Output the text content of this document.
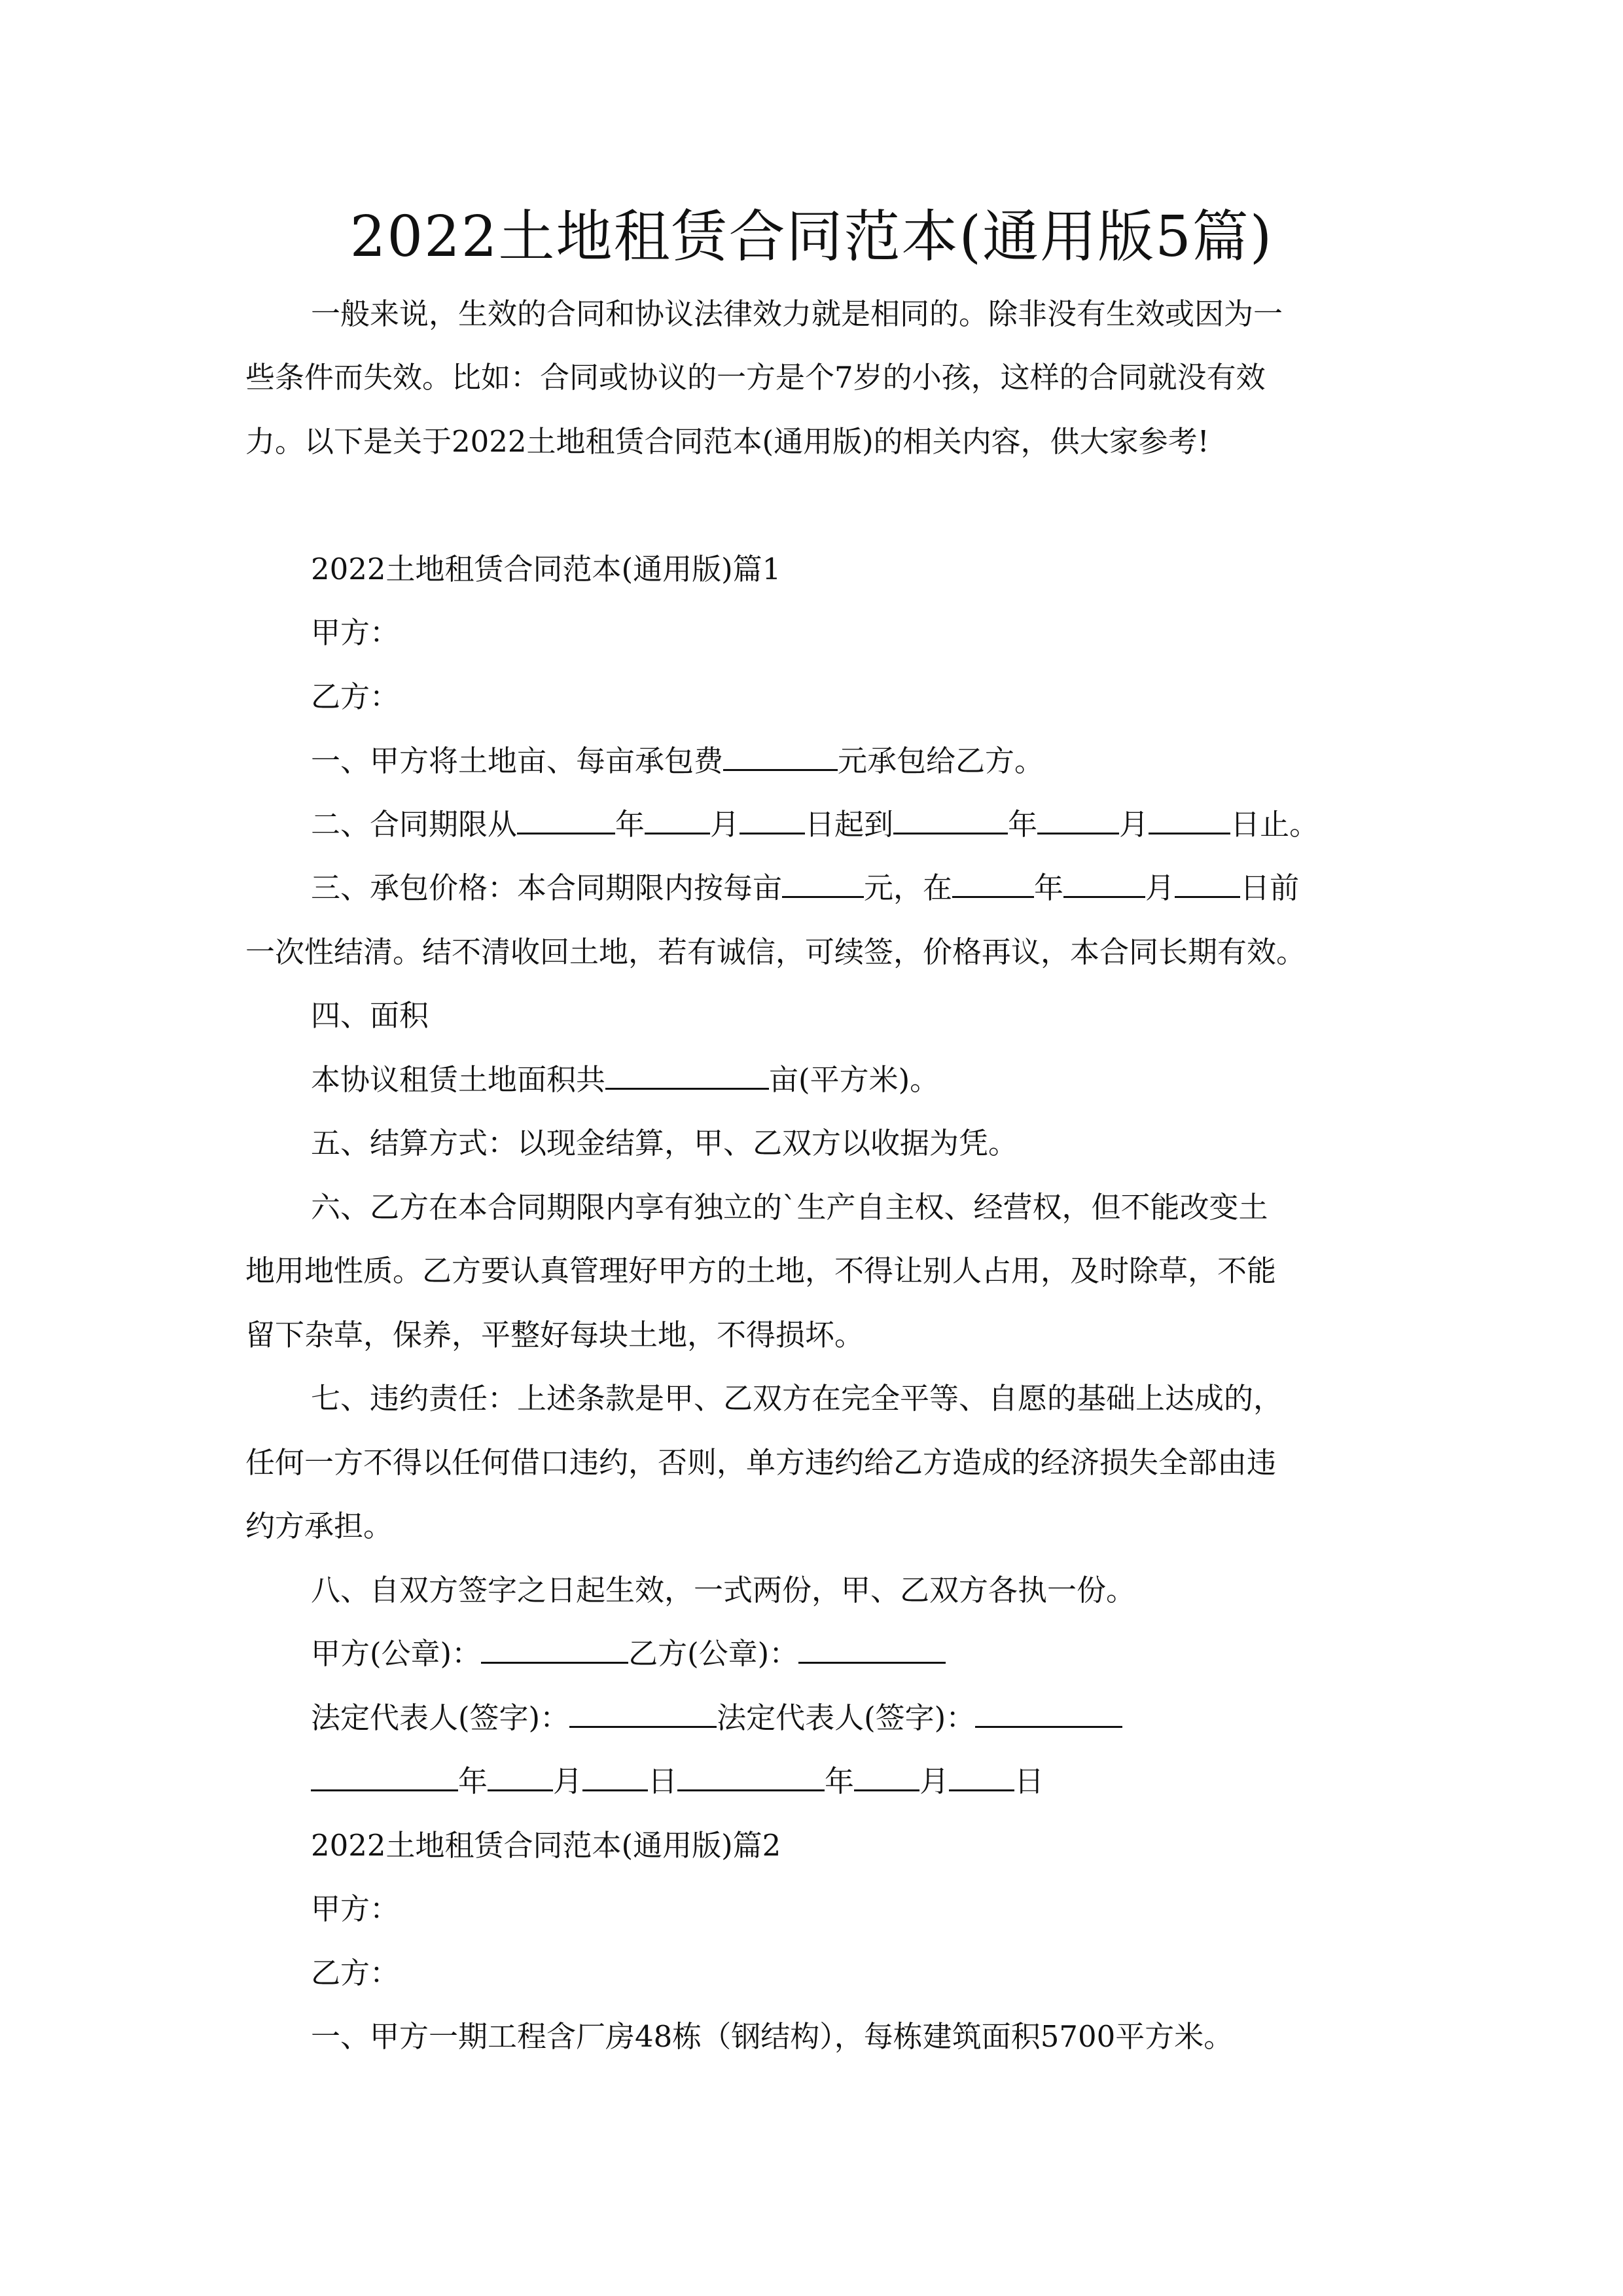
2022土地租赁合同范本(通用版5篇)
一般来说，生效的合同和协议法律效力就是相同的。除非没有生效或因为一
些条件而失效。比如：合同或协议的一方是个7岁的小孩，这样的合同就没有效
力。以下是关于2022土地租赁合同范本(通用版)的相关内容，供大家参考!
2022土地租赁合同范本(通用版)篇1
甲方：
乙方：
一、甲方将土地亩、每亩承包费	元承包给乙方。
二、合同期限从	年 月 日起到	年	月	日止。
三、承包价格：本合同期限内按每亩	元，在	年	月 日前
一次性结清。结不清收回土地，若有诚信，可续签，价格再议，本合同长期有效。
四、面积
本协议租赁土地面积共	亩(平方米)。
五、结算方式：以现金结算，甲、乙双方以收据为凭。
六、乙方在本合同期限内享有独立的`生产自主权、经营权，但不能改变土
地用地性质。乙方要认真管理好甲方的土地，不得让别人占用，及时除草，不能
留下杂草，保养，平整好每块土地，不得损坏。
七、违约责任：上述条款是甲、乙双方在完全平等、自愿的基础上达成的，
任何一方不得以任何借口违约，否则，单方违约给乙方造成的经济损失全部由违
约方承担。
八、自双方签字之日起生效，一式两份，甲、乙双方各执一份。
甲方(公章)：	乙方(公章)：
法定代表人(签字)：	法定代表人(签字)：
年 月 日	年 月 日
2022土地租赁合同范本(通用版)篇2
甲方：
乙方：
一、甲方一期工程含厂房48栋（钢结构），每栋建筑面积5700平方米。
